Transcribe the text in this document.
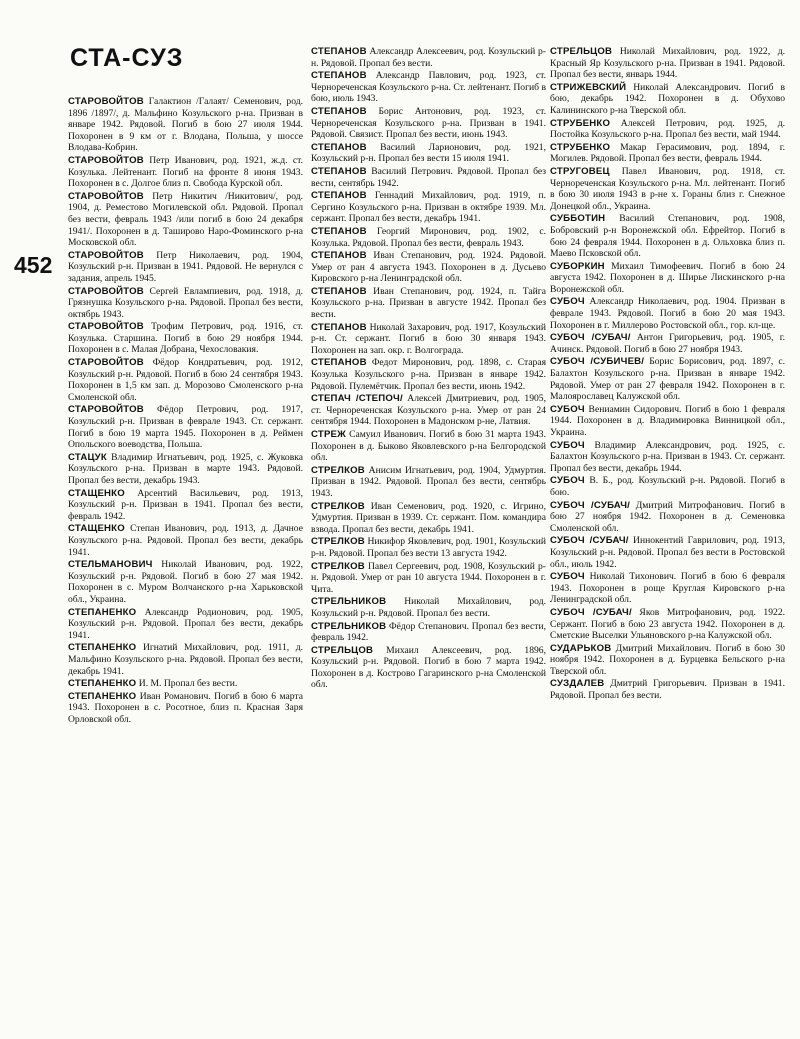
СТА-СУЗ
452

СТАРОВОЙТОВ Галактион /Галаят/ Семенович, род. 1896 /1897/, д. Мальфино Козульского р-на. Призван в январе 1942. Рядовой. Погиб в бою 27 июля 1944. Похоронен в 9 км от г. Влодана, Польша, у шоссе Влодава-Кобрин.

СТАРОВОЙТОВ Петр Иванович, род. 1921, ж.д. ст. Козулька. Лейтенант. Погиб на фронте 8 июня 1943. Похоронен в с. Долгое близ п. Свобода Курской обл.

СТАРОВОЙТОВ Петр Никитич /Никитович/, род. 1904, д. Реместово Могилевской обл. Рядовой. Пропал без вести, февраль 1943 /или погиб в бою 24 декабря 1941/. Похоронен в д. Таширово Наро-Фоминского р-на Московской обл.

СТАРОВОЙТОВ Петр Николаевич, род. 1904, Козульский р-н. Призван в 1941. Рядовой. Не вернулся с задания, апрель 1945.

СТАРОВОЙТОВ Сергей Евлампиевич, род. 1918, д. Грязнушка Козульского р-на. Рядовой. Пропал без вести, октябрь 1943.

СТАРОВОЙТОВ Трофим Петрович, род. 1916, ст. Козулька. Старшина. Погиб в бою 29 ноября 1944. Похоронен в с. Малая Добрана, Чехословакия.

СТАРОВОЙТОВ Фёдор Кондратьевич, род. 1912, Козульский р-н. Рядовой. Погиб в бою 24 сентября 1943. Похоронен в 1,5 км зап. д. Морозово Смоленского р-на Смоленской обл.

СТАРОВОЙТОВ Фёдор Петрович, род. 1917, Козульский р-н. Призван в феврале 1943. Ст. сержант. Погиб в бою 19 марта 1945. Похоронен в д. Реймен Опольского воеводства, Польша.

СТАЦУК Владимир Игнатьевич, род. 1925, с. Жуковка Козульского р-на. Призван в марте 1943. Рядовой. Пропал без вести, декабрь 1943.

СТАЩЕНКО Арсентий Васильевич, род. 1913, Козульский р-н. Призван в 1941. Пропал без вести, февраль 1942.

СТАЩЕНКО Степан Иванович, род. 1913, д. Дачное Козульского р-на. Рядовой. Пропал без вести, декабрь 1941.

СТЕЛЬМАНОВИЧ Николай Иванович, род. 1922, Козульский р-н. Рядовой. Погиб в бою 27 мая 1942. Похоронен в с. Муром Волчанского р-на Харьковской обл., Украина.

СТЕПАНЕНКО Александр Родионович, род. 1905, Козульский р-н. Рядовой. Пропал без вести, декабрь 1941.

СТЕПАНЕНКО Игнатий Михайлович, род. 1911, д. Мальфино Козульского р-на. Рядовой. Пропал без вести, декабрь 1941.

СТЕПАНЕНКО И. М. Пропал без вести.

СТЕПАНЕНКО Иван Романович. Погиб в бою 6 марта 1943. Похоронен в с. Росотное, близ п. Красная Заря Орловской обл.

СТЕПАНОВ Александр Алексеевич, род. Козульский р-н. Рядовой. Пропал без вести.

СТЕПАНОВ Александр Павлович, род. 1923, ст. Чернореченская Козульского р-на. Ст. лейтенант. Погиб в бою, июль 1943.

СТЕПАНОВ Борис Антонович, род. 1923, ст. Чернореченская Козульского р-на. Призван в 1941. Рядовой. Связист. Пропал без вести, июнь 1943.

СТЕПАНОВ Василий Ларионович, род. 1921, Козульский р-н. Пропал без вести 15 июля 1941.

СТЕПАНОВ Василий Петрович. Рядовой. Пропал без вести, сентябрь 1942.

СТЕПАНОВ Геннадий Михайлович, род. 1919, п. Сергино Козульского р-на. Призван в октябре 1939. Мл. сержант. Пропал без вести, декабрь 1941.

СТЕПАНОВ Георгий Миронович, род. 1902, с. Козулька. Рядовой. Пропал без вести, февраль 1943.

СТЕПАНОВ Иван Степанович, род. 1924. Рядовой. Умер от ран 4 августа 1943. Похоронен в д. Дусьево Кировского р-на Ленинградской обл.

СТЕПАНОВ Иван Степанович, род. 1924, п. Тайга Козульского р-на. Призван в августе 1942. Пропал без вести.

СТЕПАНОВ Николай Захарович, род. 1917, Козульский р-н. Ст. сержант. Погиб в бою 30 января 1943. Похоронен на зап. окр. г. Волгограда.

СТЕПАНОВ Федот Миронович, род. 1898, с. Старая Козулька Козульского р-на. Призван в январе 1942. Рядовой. Пулемётчик. Пропал без вести, июнь 1942.

СТЕПАЧ /СТЕПОЧ/ Алексей Дмитриевич, род. 1905, ст. Чернореченская Козульского р-на. Умер от ран 24 сентября 1944. Похоронен в Мадонском р-не, Латвия.

СТРЕЖ Самуил Иванович. Погиб в бою 31 марта 1943. Похоронен в д. Быково Яковлевского р-на Белгородской обл.

СТРЕЛКОВ Анисим Игнатьевич, род. 1904, Удмуртия. Призван в 1942. Рядовой. Пропал без вести, сентябрь 1943.

СТРЕЛКОВ Иван Семенович, род. 1920, с. Игрино, Удмуртия. Призван в 1939. Ст. сержант. Пом. командира взвода. Пропал без вести, декабрь 1941.

СТРЕЛКОВ Никифор Яковлевич, род. 1901, Козульский р-н. Рядовой. Пропал без вести 13 августа 1942.

СТРЕЛКОВ Павел Сергеевич, род. 1908, Козульский р-н. Рядовой. Умер от ран 10 августа 1944. Похоронен в г. Чита.

СТРЕЛЬНИКОВ Николай Михайлович, род. Козульский р-н. Рядовой. Пропал без вести.

СТРЕЛЬНИКОВ Фёдор Степанович. Пропал без вести, февраль 1942.

СТРЕЛЬЦОВ Михаил Алексеевич, род. 1896, Козульский р-н. Рядовой. Погиб в бою 7 марта 1942. Похоронен в д. Кострово Гагаринского р-на Смоленской обл.

СТРЕЛЬЦОВ Николай Михайлович, род. 1922, д. Красный Яр Козульского р-на. Призван в 1941. Рядовой. Пропал без вести, январь 1944.

СТРИЖЕВСКИЙ Николай Александрович. Погиб в бою, декабрь 1942. Похоронен в д. Обухово Калининского р-на Тверской обл.

СТРУБЕНКО Алексей Петрович, род. 1925, д. Постойка Козульского р-на. Пропал без вести, май 1944.

СТРУБЕНКО Макар Герасимович, род. 1894, г. Могилев. Рядовой. Пропал без вести, февраль 1944.

СТРУГОВЕЦ Павел Иванович, род. 1918, ст. Чернореченская Козульского р-на. Мл. лейтенант. Погиб в бою 30 июля 1943 в р-не х. Гораны близ г. Снежное Донецкой обл., Украина.

СУББОТИН Василий Степанович, род. 1908, Бобровский р-н Воронежской обл. Ефрейтор. Погиб в бою 24 февраля 1944. Похоронен в д. Ольховка близ п. Маево Псковской обл.

СУБОРКИН Михаил Тимофеевич. Погиб в бою 24 августа 1942. Похоронен в д. Ширье Лискинского р-на Воронежской обл.

СУБОЧ Александр Николаевич, род. 1904. Призван в феврале 1943. Рядовой. Погиб в бою 20 мая 1943. Похоронен в г. Миллерово Ростовской обл., гор. кл-ще.

СУБОЧ /СУБАЧ/ Антон Григорьевич, род. 1905, г. Ачинск. Рядовой. Погиб в бою 27 ноября 1943.

СУБОЧ /СУБИЧЕВ/ Борис Борисович, род. 1897, с. Балахтон Козульского р-на. Призван в январе 1942. Рядовой. Умер от ран 27 февраля 1942. Похоронен в г. Малоярославец Калужской обл.

СУБОЧ Вениамин Сидорович. Погиб в бою 1 февраля 1944. Похоронен в д. Владимировка Винницкой обл., Украина.

СУБОЧ Владимир Александрович, род. 1925, с. Балахтон Козульского р-на. Призван в 1943. Ст. сержант. Пропал без вести, декабрь 1944.

СУБОЧ В. Б., род. Козульский р-н. Рядовой. Погиб в бою.

СУБОЧ /СУБАЧ/ Дмитрий Митрофанович. Погиб в бою 27 ноября 1942. Похоронен в д. Семеновка Смоленской обл.

СУБОЧ /СУБАЧ/ Иннокентий Гаврилович, род. 1913, Козульский р-н. Рядовой. Пропал без вести в Ростовской обл., июль 1942.

СУБОЧ Николай Тихонович. Погиб в бою 6 февраля 1943. Похоронен в роще Круглая Кировского р-на Ленинградской обл.

СУБОЧ /СУБАЧ/ Яков Митрофанович, род. 1922. Сержант. Погиб в бою 23 августа 1942. Похоронен в д. Сметские Выселки Ульяновского р-на Калужской обл.

СУДАРЬКОВ Дмитрий Михайлович. Погиб в бою 30 ноября 1942. Похоронен в д. Бурцевка Бельского р-на Тверской обл.

СУЗДАЛЕВ Дмитрий Григорьевич. Призван в 1941. Рядовой. Пропал без вести.
